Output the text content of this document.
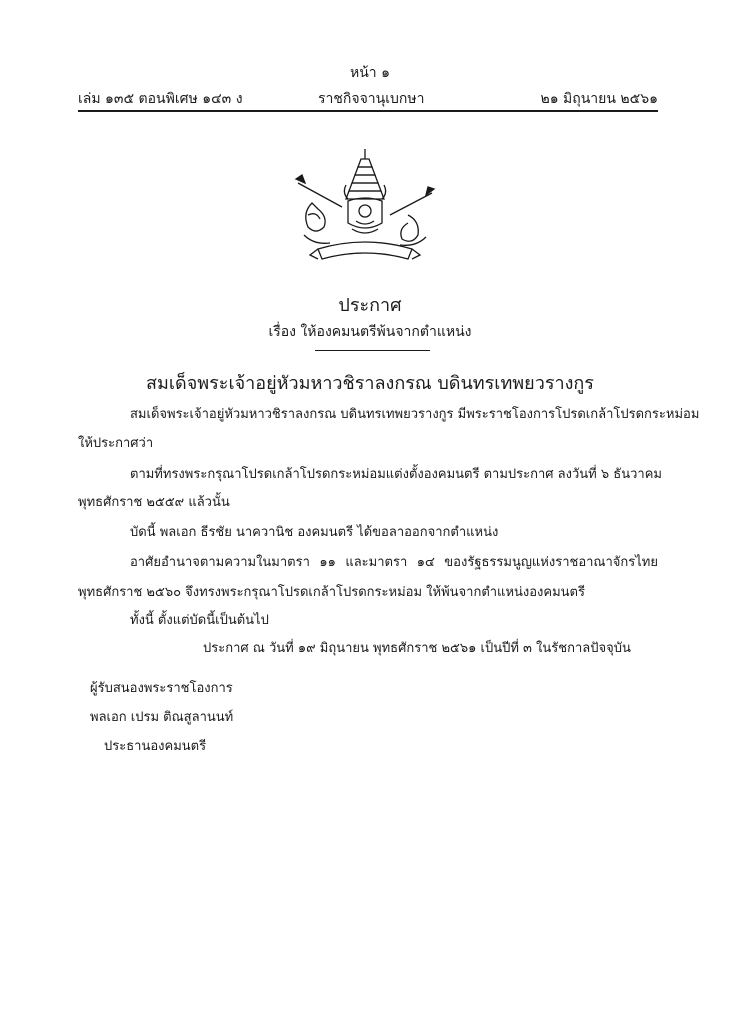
หน้า ๑
เล่ม ๑๓๕ ตอนพิเศษ ๑๔๓ ง	ราชกิจจานุเบกษา	๒๑ มิถุนายน ๒๕๖๑
ประกาศ
เรื่อง ให้องคมนตรีพ้นจากตำแหน่ง
สมเด็จพระเจ้าอยู่หัวมหาวชิราลงกรณ บดินทรเทพยวรางกูร
สมเด็จพระเจ้าอยู่หัวมหาวชิราลงกรณ บดินทรเทพยวรางกูร มีพระราชโองการโปรดเกล้าโปรดกระหม่อม
ให้ประกาศว่า
ตามที่ทรงพระกรุณาโปรดเกล้าโปรดกระหม่อมแต่งตั้งองคมนตรี ตามประกาศ ลงวันที่ ๖ ธันวาคม
พุทธศักราช ๒๕๕๙ แล้วนั้น
บัดนี้ พลเอก ธีรชัย นาควานิช องคมนตรี ได้ขอลาออกจากตำแหน่ง
อาศัยอำนาจตามความในมาตรา ๑๑ และมาตรา ๑๔ ของรัฐธรรมนูญแห่งราชอาณาจักรไทย
พุทธศักราช ๒๕๖๐ จึงทรงพระกรุณาโปรดเกล้าโปรดกระหม่อม ให้พ้นจากตำแหน่งองคมนตรี
ทั้งนี้ ตั้งแต่บัดนี้เป็นต้นไป
ประกาศ ณ วันที่ ๑๙ มิถุนายน พุทธศักราช ๒๕๖๑ เป็นปีที่ ๓ ในรัชกาลปัจจุบัน
ผู้รับสนองพระราชโองการ
พลเอก เปรม ติณสูลานนท์
ประธานองคมนตรี
